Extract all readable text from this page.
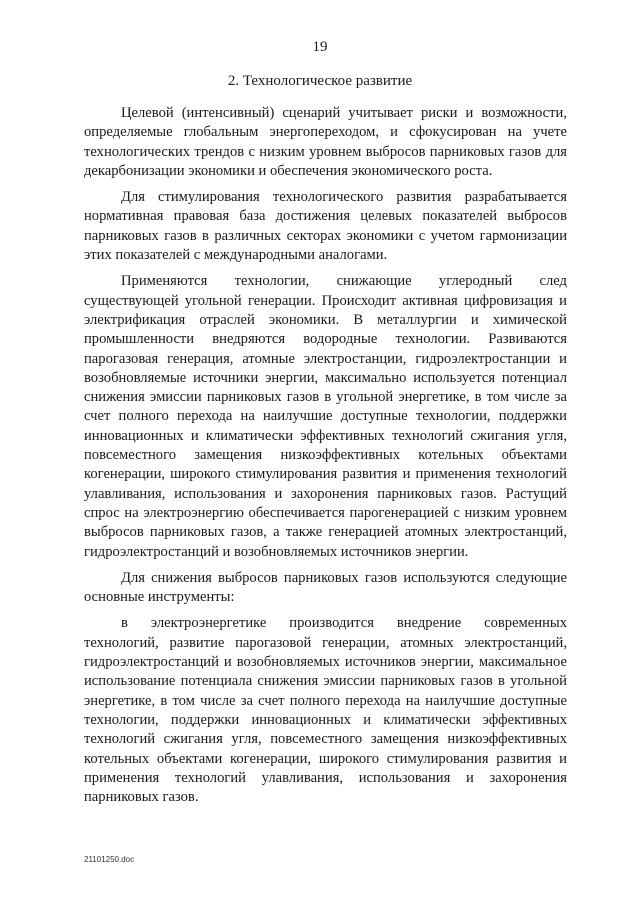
19
2. Технологическое развитие

Целевой (интенсивный) сценарий учитывает риски и возможности, определяемые глобальным энергопереходом, и сфокусирован на учете технологических трендов с низким уровнем выбросов парниковых газов для декарбонизации экономики и обеспечения экономического роста.

Для стимулирования технологического развития разрабатывается нормативная правовая база достижения целевых показателей выбросов парниковых газов в различных секторах экономики с учетом гармонизации этих показателей с международными аналогами.

Применяются технологии, снижающие углеродный след существующей угольной генерации. Происходит активная цифровизация и электрификация отраслей экономики. В металлургии и химической промышленности внедряются водородные технологии. Развиваются парогазовая генерация, атомные электростанции, гидроэлектростанции и возобновляемые источники энергии, максимально используется потенциал снижения эмиссии парниковых газов в угольной энергетике, в том числе за счет полного перехода на наилучшие доступные технологии, поддержки инновационных и климатически эффективных технологий сжигания угля, повсеместного замещения низкоэффективных котельных объектами когенерации, широкого стимулирования развития и применения технологий улавливания, использования и захоронения парниковых газов. Растущий спрос на электроэнергию обеспечивается парогенерацией с низким уровнем выбросов парниковых газов, а также генерацией атомных электростанций, гидроэлектростанций и возобновляемых источников энергии.

Для снижения выбросов парниковых газов используются следующие основные инструменты:

в электроэнергетике производится внедрение современных технологий, развитие парогазовой генерации, атомных электростанций, гидроэлектростанций и возобновляемых источников энергии, максимальное использование потенциала снижения эмиссии парниковых газов в угольной энергетике, в том числе за счет полного перехода на наилучшие доступные технологии, поддержки инновационных и климатически эффективных технологий сжигания угля, повсеместного замещения низкоэффективных котельных объектами когенерации, широкого стимулирования развития и применения технологий улавливания, использования и захоронения парниковых газов.

21101250.doc
